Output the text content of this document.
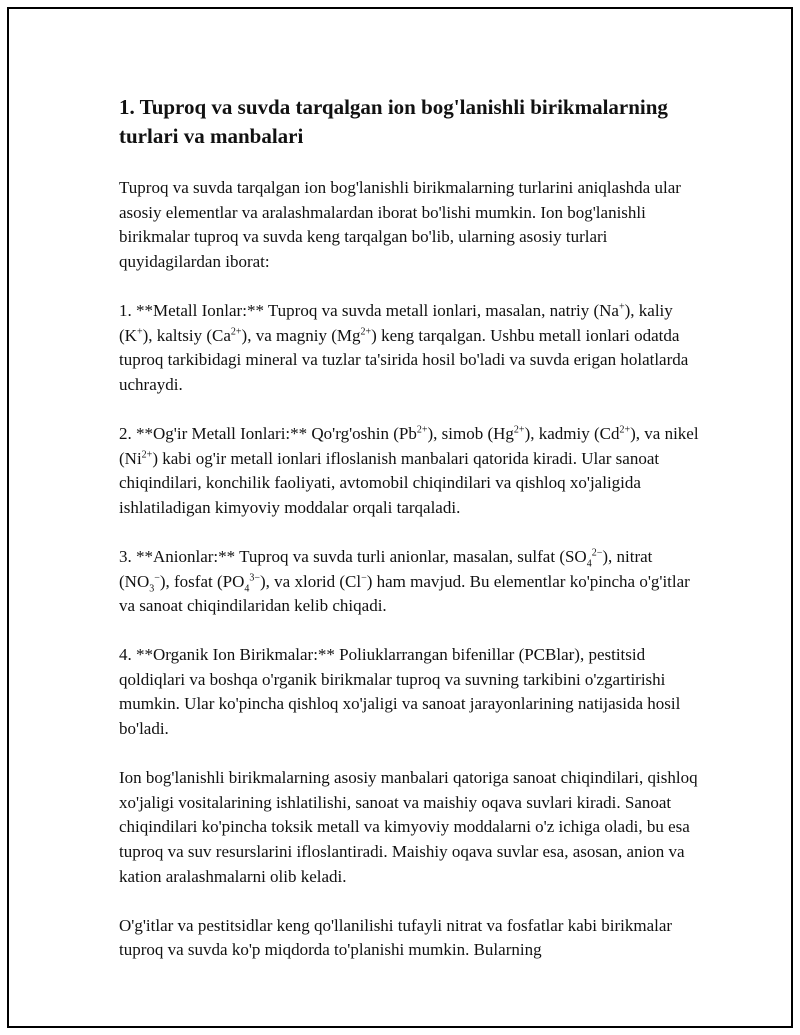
1. Tuproq va suvda tarqalgan ion bog'lanishli birikmalarning turlari va manbalari

Tuproq va suvda tarqalgan ion bog'lanishli birikmalarning turlarini aniqlashda ular asosiy elementlar va aralashmalardan iborat bo'lishi mumkin. Ion bog'lanishli birikmalar tuproq va suvda keng tarqalgan bo'lib, ularning asosiy turlari quyidagilardan iborat:

1. **Metall Ionlar:** Tuproq va suvda metall ionlari, masalan, natriy (Na+), kaliy (K+), kaltsiy $(Ca^{2+})$, va magniy $(Mg^{2+})$ keng tarqalgan. Ushbu metall ionlari odatda tuproq tarkibidagi mineral va tuzlar ta'sirida hosil bo'ladi va suvda erigan holatlarda uchraydi.

2. **Og'ir Metall Ionlari:** Qo'rg'oshin $(Pb^{2+})$, simob $(Hg^{2+})$, kadmiy $(Cd^{2+})$, va nikel $(Ni^{2+})$ kabi og'ir metall ionlari ifloslanish manbalari qatorida kiradi. Ular sanoat chiqindilari, konchilik faoliyati, avtomobil chiqindilari va qishloq xo'jaligida ishlatiladigan kimyoviy moddalar orqali tarqaladi.

3. **Anionlar:** Tuproq va suvda turli anionlar, masalan, sulfat $(SO_4^{2-})$, nitrat $(NO_3^-)$, fosfat $(PO_4^{3-})$, va xlorid (Cl−) ham mavjud. Bu elementlar ko'pincha o'g'itlar va sanoat chiqindilaridan kelib chiqadi.

4. **Organik Ion Birikmalar:** Poliuklarrangan bifenillar (PCBlar), pestitsid qoldiqlari va boshqa o'rganik birikmalar tuproq va suvning tarkibini o'zgartirishi mumkin. Ular ko'pincha qishloq xo'jaligi va sanoat jarayonlarining natijasida hosil bo'ladi.

Ion bog'lanishli birikmalarning asosiy manbalari qatoriga sanoat chiqindilari, qishloq xo'jaligi vositalarining ishlatilishi, sanoat va maishiy oqava suvlari kiradi. Sanoat chiqindilari ko'pincha toksik metall va kimyoviy moddalarni o'z ichiga oladi, bu esa tuproq va suv resurslarini ifloslantiradi. Maishiy oqava suvlar esa, asosan, anion va kation aralashmalarni olib keladi.

O'g'itlar va pestitsidlar keng qo'llanilishi tufayli nitrat va fosfatlar kabi birikmalar tuproq va suvda ko'p miqdorda to'planishi mumkin. Bularning
